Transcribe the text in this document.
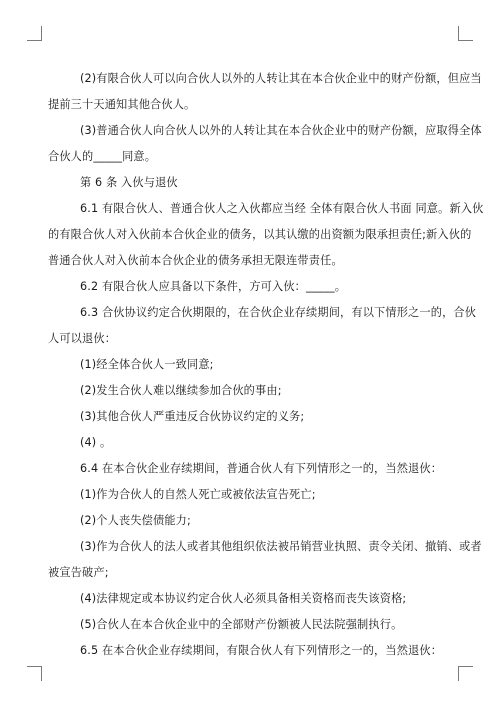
(2)有限合伙人可以向合伙人以外的人转让其在本合伙企业中的财产份额，但应当
提前三十天通知其他合伙人。
(3)普通合伙人向合伙人以外的人转让其在本合伙企业中的财产份额，应取得全体
合伙人的_____同意。
第 6 条 入伙与退伙
6.1 有限合伙人、普通合伙人之入伙都应当经 全体有限合伙人书面 同意。新入伙
的有限合伙人对入伙前本合伙企业的债务，以其认缴的出资额为限承担责任;新入伙的
普通合伙人对入伙前本合伙企业的债务承担无限连带责任。
6.2 有限合伙人应具备以下条件，方可入伙：_____。
6.3 合伙协议约定合伙期限的，在合伙企业存续期间，有以下情形之一的，合伙
人可以退伙：
(1)经全体合伙人一致同意;
(2)发生合伙人难以继续参加合伙的事由;
(3)其他合伙人严重违反合伙协议约定的义务;
(4) 。
6.4 在本合伙企业存续期间，普通合伙人有下列情形之一的，当然退伙：
(1)作为合伙人的自然人死亡或被依法宣告死亡;
(2)个人丧失偿债能力;
(3)作为合伙人的法人或者其他组织依法被吊销营业执照、责令关闭、撤销、或者
被宣告破产;
(4)法律规定或本协议约定合伙人必须具备相关资格而丧失该资格;
(5)合伙人在本合伙企业中的全部财产份额被人民法院强制执行。
6.5 在本合伙企业存续期间，有限合伙人有下列情形之一的，当然退伙：
